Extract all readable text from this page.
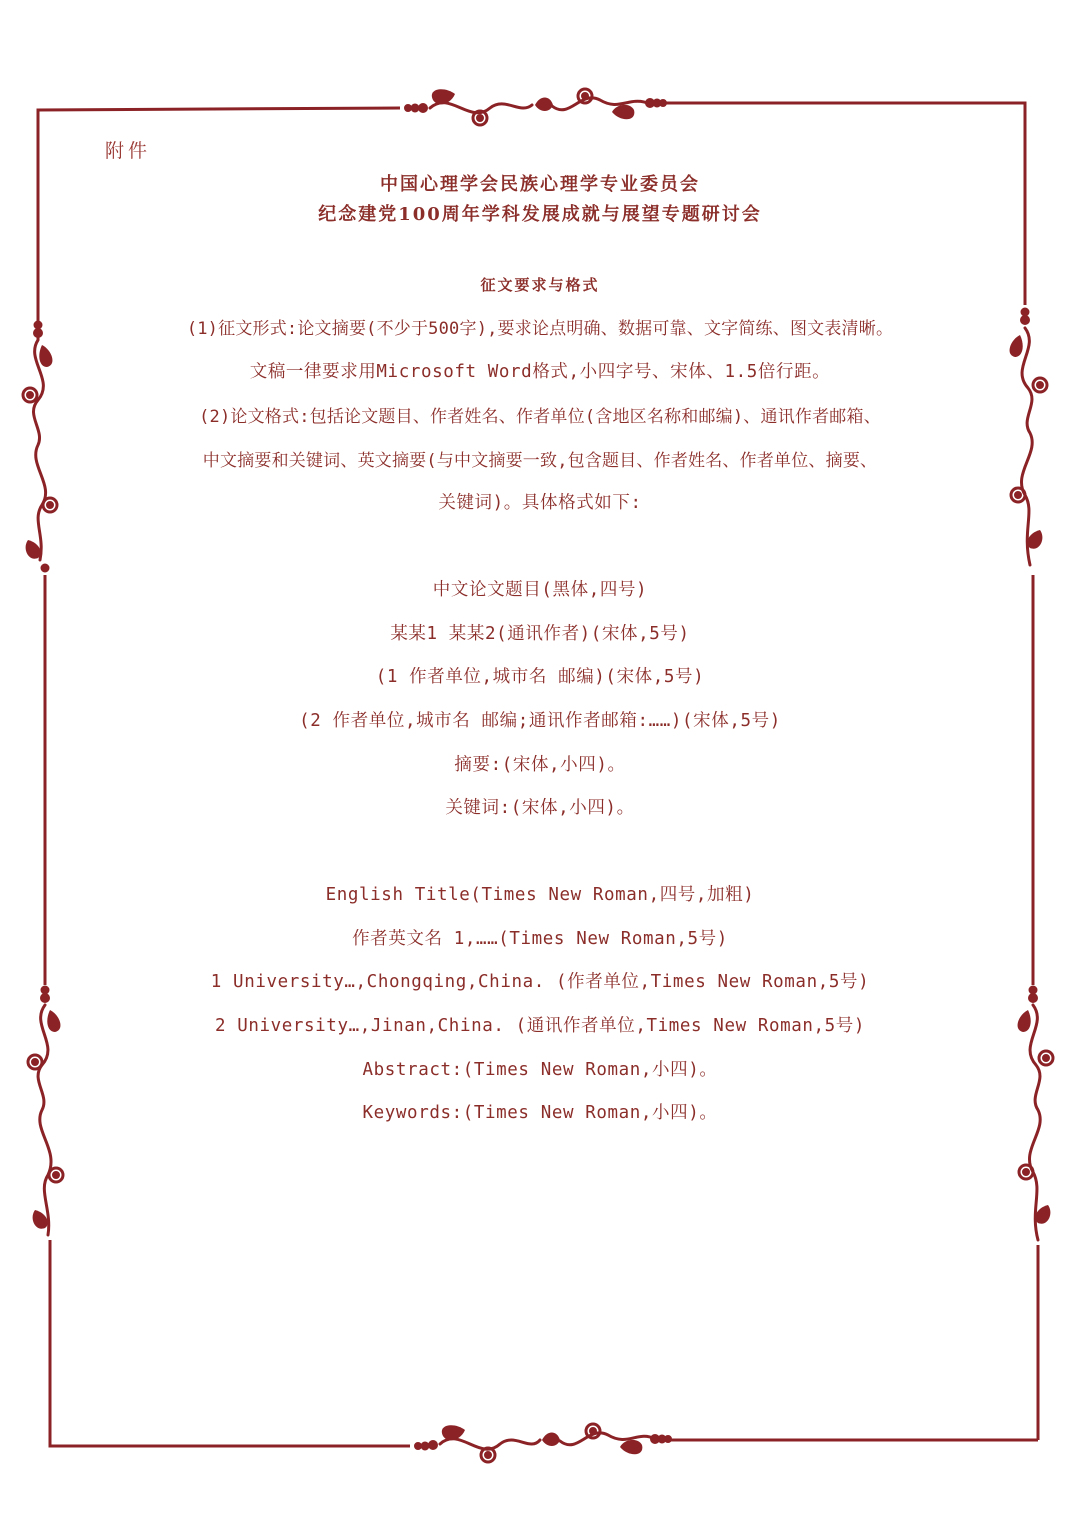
附件
中国心理学会民族心理学专业委员会
纪念建党100周年学科发展成就与展望专题研讨会
征文要求与格式
(1)征文形式:论文摘要(不少于500字),要求论点明确、数据可靠、文字简练、图文表清晰。
文稿一律要求用Microsoft Word格式,小四字号、宋体、1.5倍行距。
(2)论文格式:包括论文题目、作者姓名、作者单位(含地区名称和邮编)、通讯作者邮箱、
中文摘要和关键词、英文摘要(与中文摘要一致,包含题目、作者姓名、作者单位、摘要、
关键词)。具体格式如下:
中文论文题目(黑体,四号)
某某1 某某2(通讯作者)(宋体,5号)
(1 作者单位,城市名 邮编)(宋体,5号)
(2 作者单位,城市名 邮编;通讯作者邮箱:……)(宋体,5号)
摘要:(宋体,小四)。
关键词:(宋体,小四)。
English Title(Times New Roman,四号,加粗)
作者英文名 1,……(Times New Roman,5号)
1 University…,Chongqing,China. (作者单位,Times New Roman,5号)
2 University…,Jinan,China. (通讯作者单位,Times New Roman,5号)
Abstract:(Times New Roman,小四)。
Keywords:(Times New Roman,小四)。
